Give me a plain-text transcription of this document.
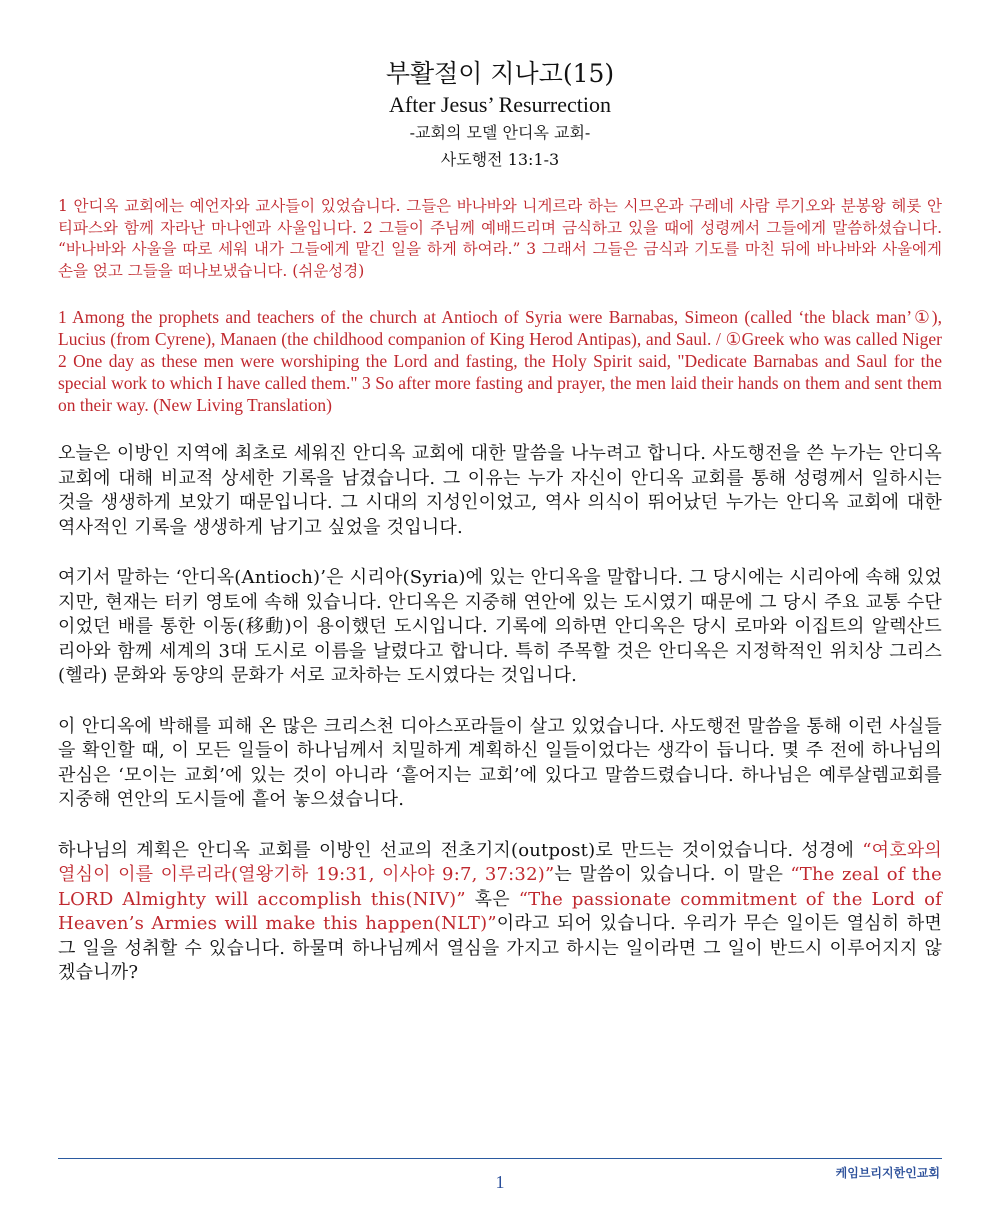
부활절이 지나고(15)
After Jesus’ Resurrection

-교회의 모델 안디옥 교회-

사도행전 13:1-3

1 안디옥 교회에는 예언자와 교사들이 있었습니다. 그들은 바나바와 니게르라 하는 시므온과 구레네 사람 루기오와 분봉왕 헤롯 안티파스와 함께 자라난 마나엔과 사울입니다. 2 그들이 주님께 예배드리며 금식하고 있을 때에 성령께서 그들에게 말씀하셨습니다. “바나바와 사울을 따로 세워 내가 그들에게 맡긴 일을 하게 하여라.” 3 그래서 그들은 금식과 기도를 마친 뒤에 바나바와 사울에게 손을 얹고 그들을 떠나보냈습니다. (쉬운성경)

1 Among the prophets and teachers of the church at Antioch of Syria were Barnabas, Simeon (called ‘the black man’①), Lucius (from Cyrene), Manaen (the childhood companion of King Herod Antipas), and Saul. / ①Greek who was called Niger 2 One day as these men were worshiping the Lord and fasting, the Holy Spirit said, "Dedicate Barnabas and Saul for the special work to which I have called them." 3 So after more fasting and prayer, the men laid their hands on them and sent them on their way. (New Living Translation)

오늘은 이방인 지역에 최초로 세워진 안디옥 교회에 대한 말씀을 나누려고 합니다. 사도행전을 쓴 누가는 안디옥 교회에 대해 비교적 상세한 기록을 남겼습니다. 그 이유는 누가 자신이 안디옥 교회를 통해 성령께서 일하시는 것을 생생하게 보았기 때문입니다. 그 시대의 지성인이었고, 역사 의식이 뛰어났던 누가는 안디옥 교회에 대한 역사적인 기록을 생생하게 남기고 싶었을 것입니다.

여기서 말하는 ‘안디옥(Antioch)’은 시리아(Syria)에 있는 안디옥을 말합니다. 그 당시에는 시리아에 속해 있었지만, 현재는 터키 영토에 속해 있습니다. 안디옥은 지중해 연안에 있는 도시였기 때문에 그 당시 주요 교통 수단이었던 배를 통한 이동(移動)이 용이했던 도시입니다. 기록에 의하면 안디옥은 당시 로마와 이집트의 알렉산드리아와 함께 세계의 3대 도시로 이름을 날렸다고 합니다. 특히 주목할 것은 안디옥은 지정학적인 위치상 그리스(헬라) 문화와 동양의 문화가 서로 교차하는 도시였다는 것입니다.

이 안디옥에 박해를 피해 온 많은 크리스천 디아스포라들이 살고 있었습니다. 사도행전 말씀을 통해 이런 사실들을 확인할 때, 이 모든 일들이 하나님께서 치밀하게 계획하신 일들이었다는 생각이 듭니다. 몇 주 전에 하나님의 관심은 ‘모이는 교회’에 있는 것이 아니라 ‘흩어지는 교회’에 있다고 말씀드렸습니다. 하나님은 예루살렘교회를 지중해 연안의 도시들에 흩어 놓으셨습니다.

하나님의 계획은 안디옥 교회를 이방인 선교의 전초기지(outpost)로 만드는 것이었습니다. 성경에 “여호와의 열심이 이를 이루리라(열왕기하 19:31, 이사야 9:7, 37:32)”는 말씀이 있습니다. 이 말은 “The zeal of the LORD Almighty will accomplish this(NIV)” 혹은 “The passionate commitment of the Lord of Heaven’s Armies will make this happen(NLT)”이라고 되어 있습니다. 우리가 무슨 일이든 열심히 하면 그 일을 성취할 수 있습니다. 하물며 하나님께서 열심을 가지고 하시는 일이라면 그 일이 반드시 이루어지지 않겠습니까?

1	케임브리지한인교회
